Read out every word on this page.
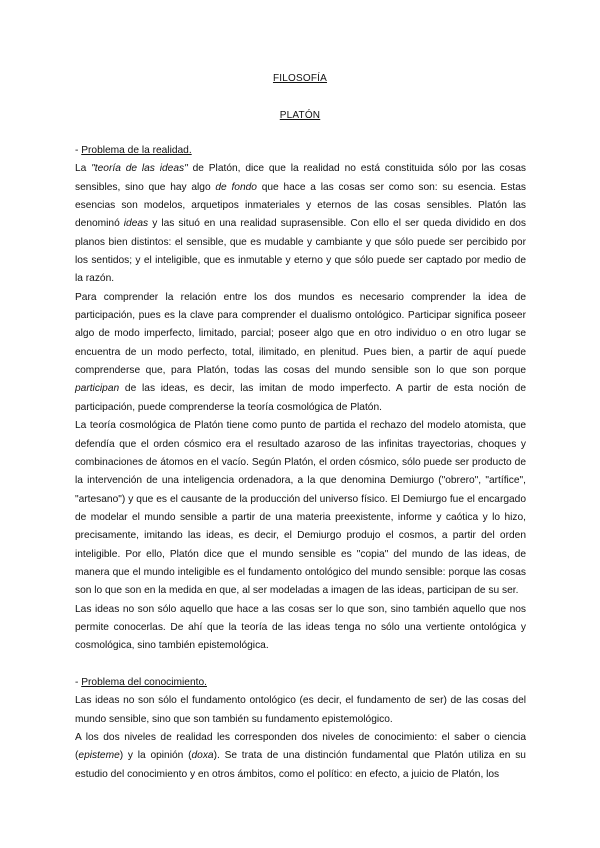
FILOSOFÍA
PLATÓN

- Problema de la realidad.

La "teoría de las ideas" de Platón, dice que la realidad no está constituida sólo por las cosas sensibles, sino que hay algo de fondo que hace a las cosas ser como son: su esencia. Estas esencias son modelos, arquetipos inmateriales y eternos de las cosas sensibles. Platón las denominó ideas y las situó en una realidad suprasensible. Con ello el ser queda dividido en dos planos bien distintos: el sensible, que es mudable y cambiante y que sólo puede ser percibido por los sentidos; y el inteligible, que es inmutable y eterno y que sólo puede ser captado por medio de la razón.

Para comprender la relación entre los dos mundos es necesario comprender la idea de participación, pues es la clave para comprender el dualismo ontológico. Participar significa poseer algo de modo imperfecto, limitado, parcial; poseer algo que en otro individuo o en otro lugar se encuentra de un modo perfecto, total, ilimitado, en plenitud. Pues bien, a partir de aquí puede comprenderse que, para Platón, todas las cosas del mundo sensible son lo que son porque participan de las ideas, es decir, las imitan de modo imperfecto. A partir de esta noción de participación, puede comprenderse la teoría cosmológica de Platón.

La teoría cosmológica de Platón tiene como punto de partida el rechazo del modelo atomista, que defendía que el orden cósmico era el resultado azaroso de las infinitas trayectorias, choques y combinaciones de átomos en el vacío. Según Platón, el orden cósmico, sólo puede ser producto de la intervención de una inteligencia ordenadora, a la que denomina Demiurgo ("obrero", "artífice", "artesano") y que es el causante de la producción del universo físico. El Demiurgo fue el encargado de modelar el mundo sensible a partir de una materia preexistente, informe y caótica y lo hizo, precisamente, imitando las ideas, es decir, el Demiurgo produjo el cosmos, a partir del orden inteligible. Por ello, Platón dice que el mundo sensible es "copia" del mundo de las ideas, de manera que el mundo inteligible es el fundamento ontológico del mundo sensible: porque las cosas son lo que son en la medida en que, al ser modeladas a imagen de las ideas, participan de su ser.

Las ideas no son sólo aquello que hace a las cosas ser lo que son, sino también aquello que nos permite conocerlas. De ahí que la teoría de las ideas tenga no sólo una vertiente ontológica y cosmológica, sino también epistemológica.

- Problema del conocimiento.

Las ideas no son sólo el fundamento ontológico (es decir, el fundamento de ser) de las cosas del mundo sensible, sino que son también su fundamento epistemológico.

A los dos niveles de realidad les corresponden dos niveles de conocimiento: el saber o ciencia (episteme) y la opinión (doxa). Se trata de una distinción fundamental que Platón utiliza en su estudio del conocimiento y en otros ámbitos, como el político: en efecto, a juicio de Platón, los
